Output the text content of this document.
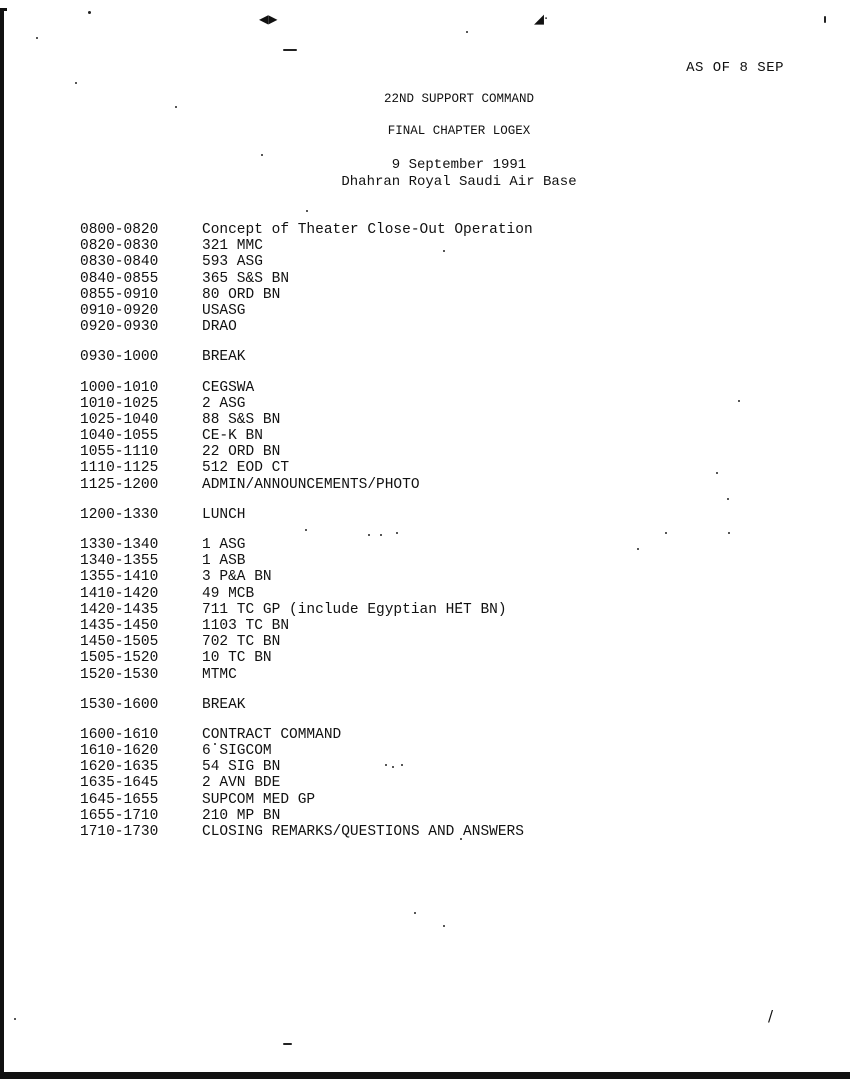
◀▶	◢·
/
AS OF 8 SEP
22ND SUPPORT COMMAND
FINAL CHAPTER LOGEX
9 September 1991
Dhahran Royal Saudi Air Base
0800-0820	Concept of Theater Close-Out Operation
0820-0830	321 MMC
0830-0840	593 ASG
0840-0855	365 S&S BN
0855-0910	80 ORD BN
0910-0920	USASG
0920-0930	DRAO
0930-1000	BREAK
1000-1010	CEGSWA
1010-1025	2 ASG
1025-1040	88 S&S BN
1040-1055	CE-K BN
1055-1110	22 ORD BN
1110-1125	512 EOD CT
1125-1200	ADMIN/ANNOUNCEMENTS/PHOTO
1200-1330	LUNCH
1330-1340	1 ASG
1340-1355	1 ASB
1355-1410	3 P&A BN
1410-1420	49 MCB
1420-1435	711 TC GP (include Egyptian HET BN)
1435-1450	1103 TC BN
1450-1505	702 TC BN
1505-1520	10 TC BN
1520-1530	MTMC
1530-1600	BREAK
1600-1610	CONTRACT COMMAND
1610-1620	6 SIGCOM
1620-1635	54 SIG BN
1635-1645	2 AVN BDE
1645-1655	SUPCOM MED GP
1655-1710	210 MP BN
1710-1730	CLOSING REMARKS/QUESTIONS AND ANSWERS
